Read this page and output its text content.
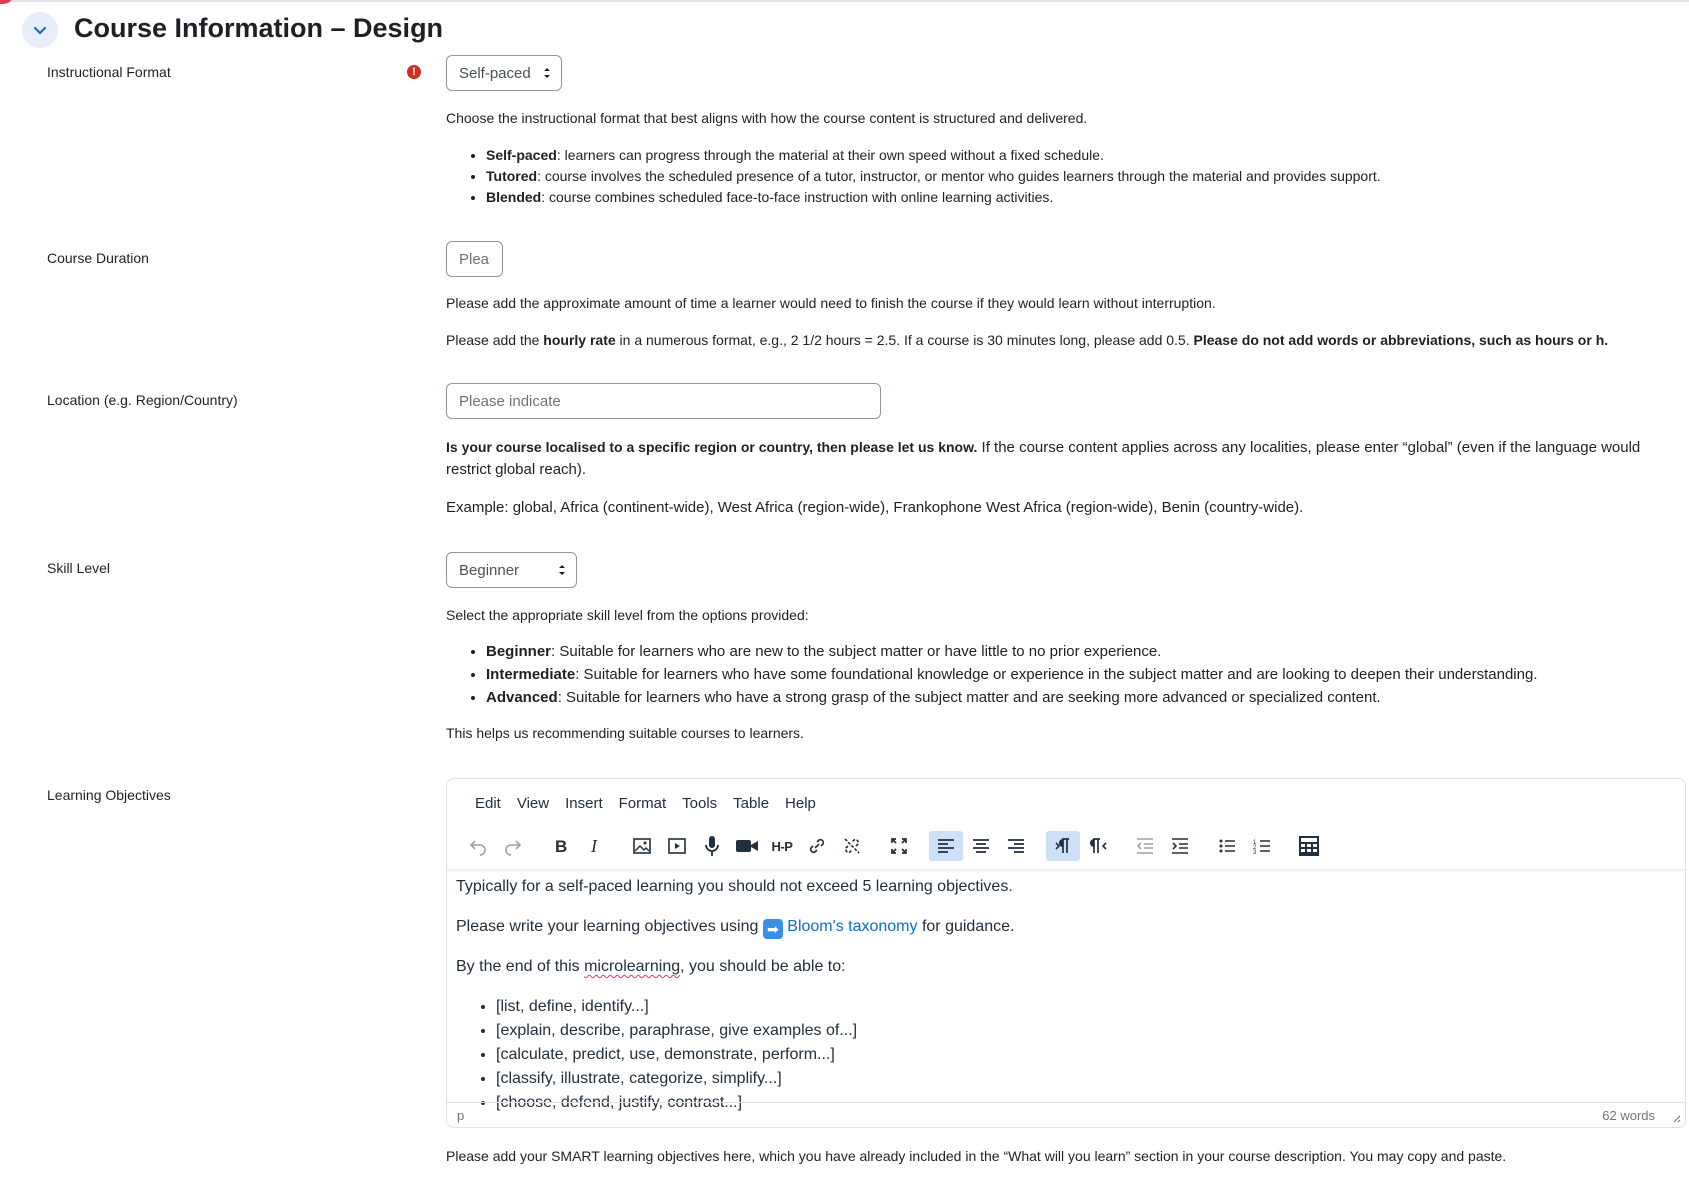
Course Information – Design
Instructional Format	!	Self-paced
Choose the instructional format that best aligns with how the course content is structured and delivered.
• Self-paced: learners can progress through the material at their own speed without a fixed schedule.
• Tutored: course involves the scheduled presence of a tutor, instructor, or mentor who guides learners through the material and provides support.
• Blended: course combines scheduled face-to-face instruction with online learning activities.
Course Duration
Please indicate
Please add the approximate amount of time a learner would need to finish the course if they would learn without interruption.
Please add the hourly rate in a numerous format, e.g., 2 1/2 hours = 2.5. If a course is 30 minutes long, please add 0.5. Please do not add words or abbreviations, such as hours or h.
Location (e.g. Region/Country)
Please indicate
Is your course localised to a specific region or country, then please let us know. If the course content applies across any localities, please enter “global” (even if the language would restrict global reach).
Example: global, Africa (continent-wide), West Africa (region-wide), Frankophone West Africa (region-wide), Benin (country-wide).
Skill Level	Beginner
Select the appropriate skill level from the options provided:
• Beginner: Suitable for learners who are new to the subject matter or have little to no prior experience.
• Intermediate: Suitable for learners who have some foundational knowledge or experience in the subject matter and are looking to deepen their understanding.
• Advanced: Suitable for learners who have a strong grasp of the subject matter and are seeking more advanced or specialized content.
This helps us recommending suitable courses to learners.
Learning Objectives	Edit	View	Insert	Format	Tools	Table	Help
B I	H-P	1
2
3

Typically for a self-paced learning you should not exceed 5 learning objectives.

Please write your learning objectives using ➡ Bloom's taxonomy for guidance.

By the end of this microlearning, you should be able to:

• [list, define, identify...]
• [explain, describe, paraphrase, give examples of...]
• [calculate, predict, use, demonstrate, perform...]
• [classify, illustrate, categorize, simplify...]
• [choose, defend, justify, contrast...]
p	62 words
Please add your SMART learning objectives here, which you have already included in the “What will you learn” section in your course description. You may copy and paste.
